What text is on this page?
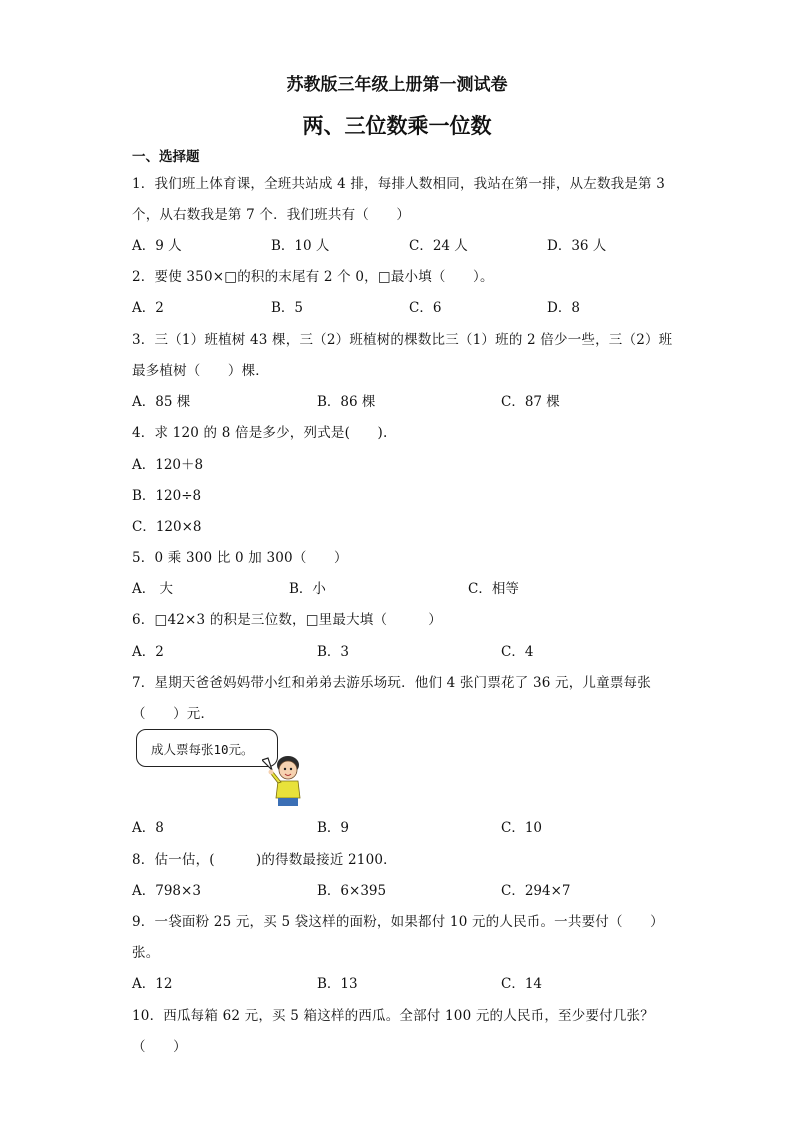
苏教版三年级上册第一测试卷
两、三位数乘一位数
一、选择题
1．我们班上体育课，全班共站成 4 排，每排人数相同，我站在第一排，从左数我是第 3
个，从右数我是第 7 个．我们班共有（　　）
A．9 人	B．10 人	C．24 人	D．36 人
2．要使 350×□的积的末尾有 2 个 0，□最小填（　　）。
A．2	B．5	C．6	D．8
3．三（1）班植树 43 棵，三（2）班植树的棵数比三（1）班的 2 倍少一些，三（2）班
最多植树（　　）棵．
A．85 棵	B．86 棵	C．87 棵
4．求 120 的 8 倍是多少，列式是(　　).
A．120＋8
B．120÷8
C．120×8
5．0 乘 300 比 0 加 300（　　）
A． 大	B．小	C．相等
6．□42×3 的积是三位数，□里最大填（　　　）
A．2	B．3	C．4
7．星期天爸爸妈妈带小红和弟弟去游乐场玩．他们 4 张门票花了 36 元，儿童票每张
（　　）元．
成人票每张10元。
A．8	B．9	C．10
8．估一估，(　　　)的得数最接近 2100．
A．798×3	B．6×395	C．294×7
9．一袋面粉 25 元，买 5 袋这样的面粉，如果都付 10 元的人民币。一共要付（　　）
张。
A．12	B．13	C．14
10．西瓜每箱 62 元，买 5 箱这样的西瓜。全部付 100 元的人民币，至少要付几张？
（　　）
